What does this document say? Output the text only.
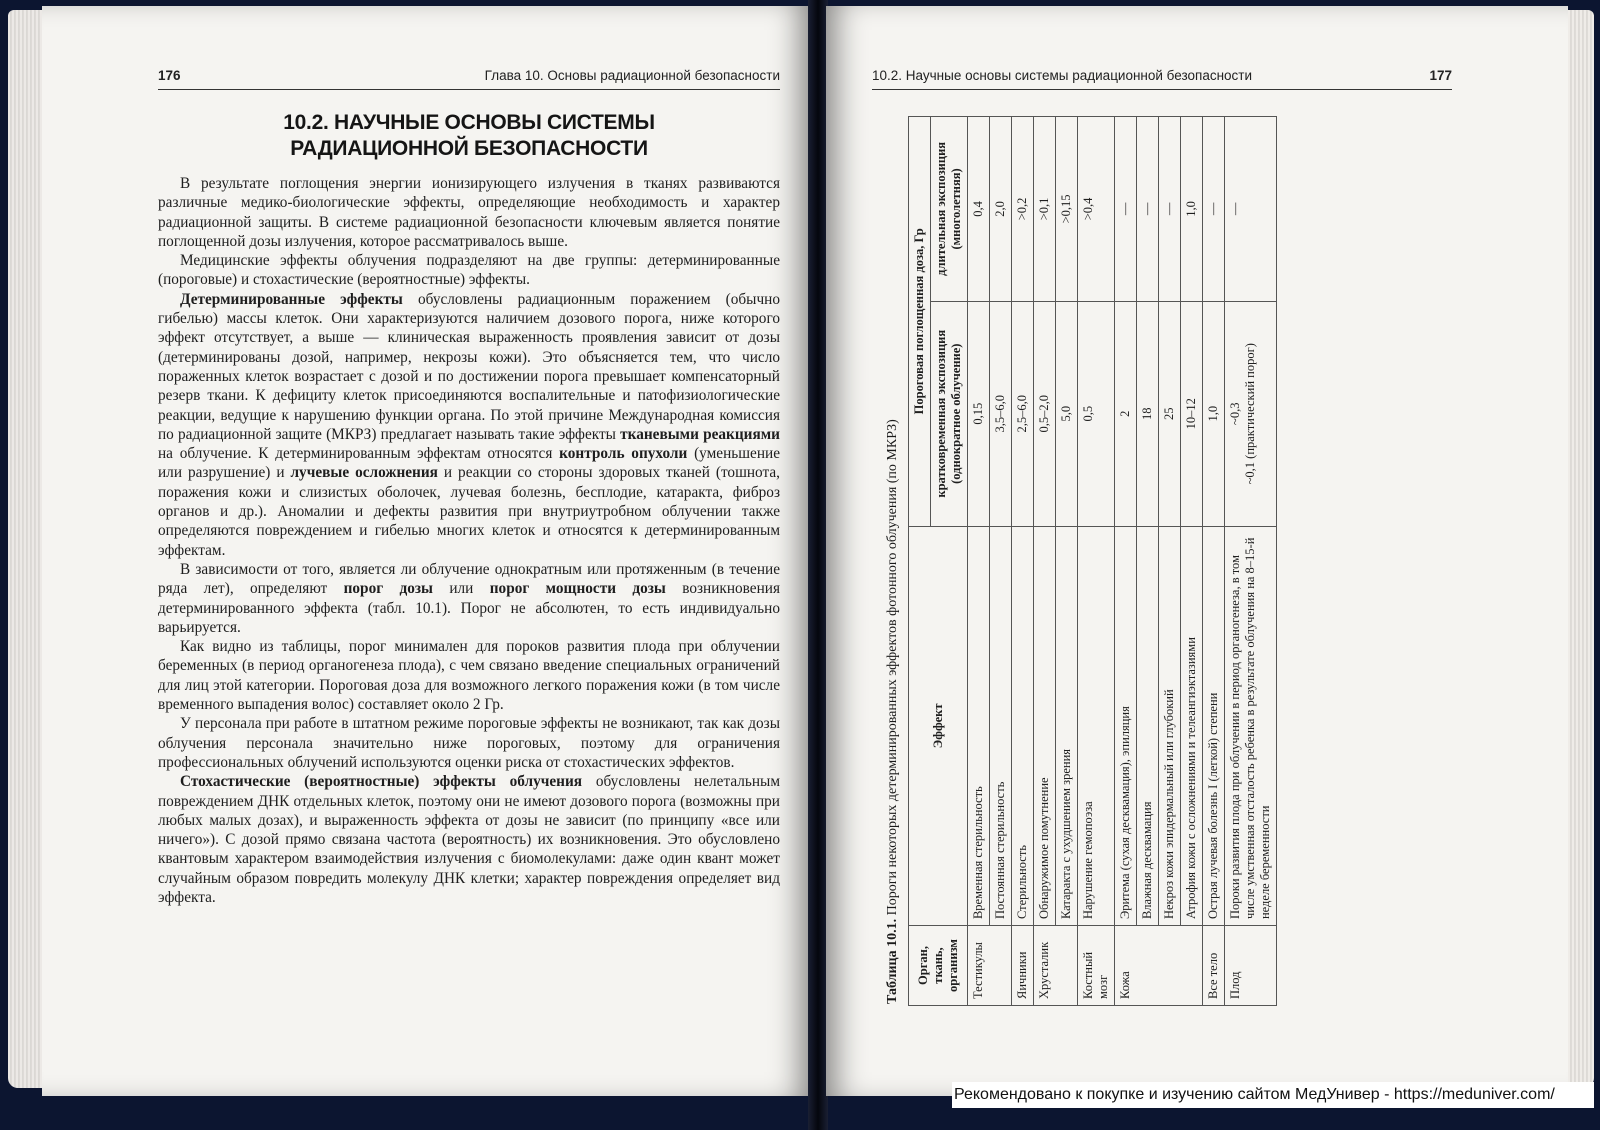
176	Глава 10. Основы радиационной безопасности
10.2. НАУЧНЫЕ ОСНОВЫ СИСТЕМЫ
РАДИАЦИОННОЙ БЕЗОПАСНОСТИ

В результате поглощения энергии ионизирующего излучения в тканях развиваются различные медико-биологические эффекты, определяющие необходимость и характер радиационной защиты. В системе радиационной безопасности ключевым является понятие поглощенной дозы излучения, которое рассматривалось выше.

Медицинские эффекты облучения подразделяют на две группы: детерминированные (пороговые) и стохастические (вероятностные) эффекты.

Детерминированные эффекты обусловлены радиационным поражением (обычно гибелью) массы клеток. Они характеризуются наличием дозового порога, ниже которого эффект отсутствует, а выше — клиническая выраженность проявления зависит от дозы (детерминированы дозой, например, некрозы кожи). Это объясняется тем, что число пораженных клеток возрастает с дозой и по достижении порога превышает компенсаторный резерв ткани. К дефициту клеток присоединяются воспалительные и патофизиологические реакции, ведущие к нарушению функции органа. По этой причине Международная комиссия по радиационной защите (МКРЗ) предлагает называть такие эффекты тканевыми реакциями на облучение. К детерминированным эффектам относятся контроль опухоли (уменьшение или разрушение) и лучевые осложнения и реакции со стороны здоровых тканей (тошнота, поражения кожи и слизистых оболочек, лучевая болезнь, бесплодие, катаракта, фиброз органов и др.). Аномалии и дефекты развития при внутриутробном облучении также определяются повреждением и гибелью многих клеток и относятся к детерминированным эффектам.

В зависимости от того, является ли облучение однократным или протяженным (в течение ряда лет), определяют порог дозы или порог мощности дозы возникновения детерминированного эффекта (табл. 10.1). Порог не абсолютен, то есть индивидуально варьируется.

Как видно из таблицы, порог минимален для пороков развития плода при облучении беременных (в период органогенеза плода), с чем связано введение специальных ограничений для лиц этой категории. Пороговая доза для возможного легкого поражения кожи (в том числе временного выпадения волос) составляет около 2 Гр.

У персонала при работе в штатном режиме пороговые эффекты не возникают, так как дозы облучения персонала значительно ниже пороговых, поэтому для ограничения профессиональных облучений используются оценки риска от стохастических эффектов.

Стохастические (вероятностные) эффекты облучения обусловлены нелетальным повреждением ДНК отдельных клеток, поэтому они не имеют дозового порога (возможны при любых малых дозах), и выраженность эффекта от дозы не зависит (по принципу «все или ничего»). С дозой прямо связана частота (вероятность) их возникновения. Это обусловлено квантовым характером взаимодействия излучения с биомолекулами: даже один квант может случайным образом повредить молекулу ДНК клетки; характер повреждения определяет вид эффекта.

10.2. Научные основы системы радиационной безопасности	177
Таблица 10.1. Пороги некоторых детерминированных эффектов фотонного облучения (по МКРЗ)
Орган, ткань, организм	Эффект	Пороговая поглощенная доза, Гр	
		кратковременная экспозиция (однократное облучение)	длительная экспозиция (многолетняя)
Тестикулы	Временная стерильность	0,15	0,4
	Постоянная стерильность	3,5–6,0	2,0
Яичники	Стерильность	2,5–6,0	>0,2
Хрусталик	Обнаружимое помутнение	0,5–2,0	>0,1
	Катаракта с ухудшением зрения	5,0	>0,15
Костный мозг	Нарушение гемопоэза	0,5	>0,4
Кожа	Эритема (сухая десквамация), эпиляция	2	—
	Влажная десквамация	18	—
	Некроз кожи эпидермальный или глубокий	25	—
	Атрофия кожи с осложнениями и телеангиэктазиями	10–12	1,0
Все тело	Острая лучевая болезнь I (легкой) степени	1,0	—
Плод	Пороки развития плода при облучении в период органогенеза, в том числе умственная отсталость ребенка в результате облучения на 8–15-й неделе беременности	~0,3 ~0,1 (практический порог)	—
Рекомендовано к покупке и изучению сайтом МедУнивер - https://meduniver.com/
